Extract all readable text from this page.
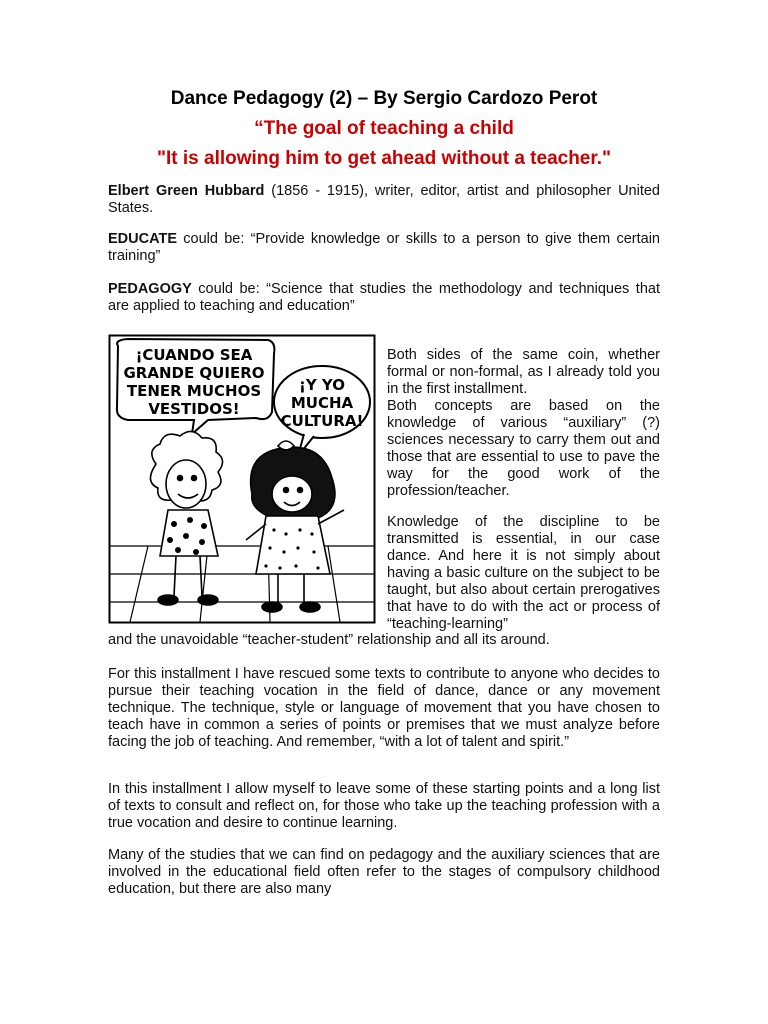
Dance Pedagogy (2) – By Sergio Cardozo Perot
“The goal of teaching a child
"It is allowing him to get ahead without a teacher."
Elbert Green Hubbard (1856 - 1915), writer, editor, artist and philosopher United States.
EDUCATE could be: “Provide knowledge or skills to a person to give them certain training”
PEDAGOGY could be: “Science that studies the methodology and techniques that are applied to teaching and education”
¡CUANDO SEA
GRANDE QUIERO
TENER MUCHOS
VESTIDOS!
¡Y YO
MUCHA
CULTURA!
Both sides of the same coin, whether formal or non-formal, as I already told you in the first installment.
Both concepts are based on the knowledge of various “auxiliary” (?) sciences necessary to carry them out and those that are essential to use to pave the way for the good work of the profession/teacher.
Knowledge of the discipline to be transmitted is essential, in our case dance. And here it is not simply about having a basic culture on the subject to be taught, but also about certain prerogatives that have to do with the act or process of “teaching-learning”
and the unavoidable “teacher-student” relationship and all its around.
For this installment I have rescued some texts to contribute to anyone who decides to pursue their teaching vocation in the field of dance, dance or any movement technique. The technique, style or language of movement that you have chosen to teach have in common a series of points or premises that we must analyze before facing the job of teaching. And remember, “with a lot of talent and spirit.”
In this installment I allow myself to leave some of these starting points and a long list of texts to consult and reflect on, for those who take up the teaching profession with a true vocation and desire to continue learning.
Many of the studies that we can find on pedagogy and the auxiliary sciences that are involved in the educational field often refer to the stages of compulsory childhood education, but there are also many
